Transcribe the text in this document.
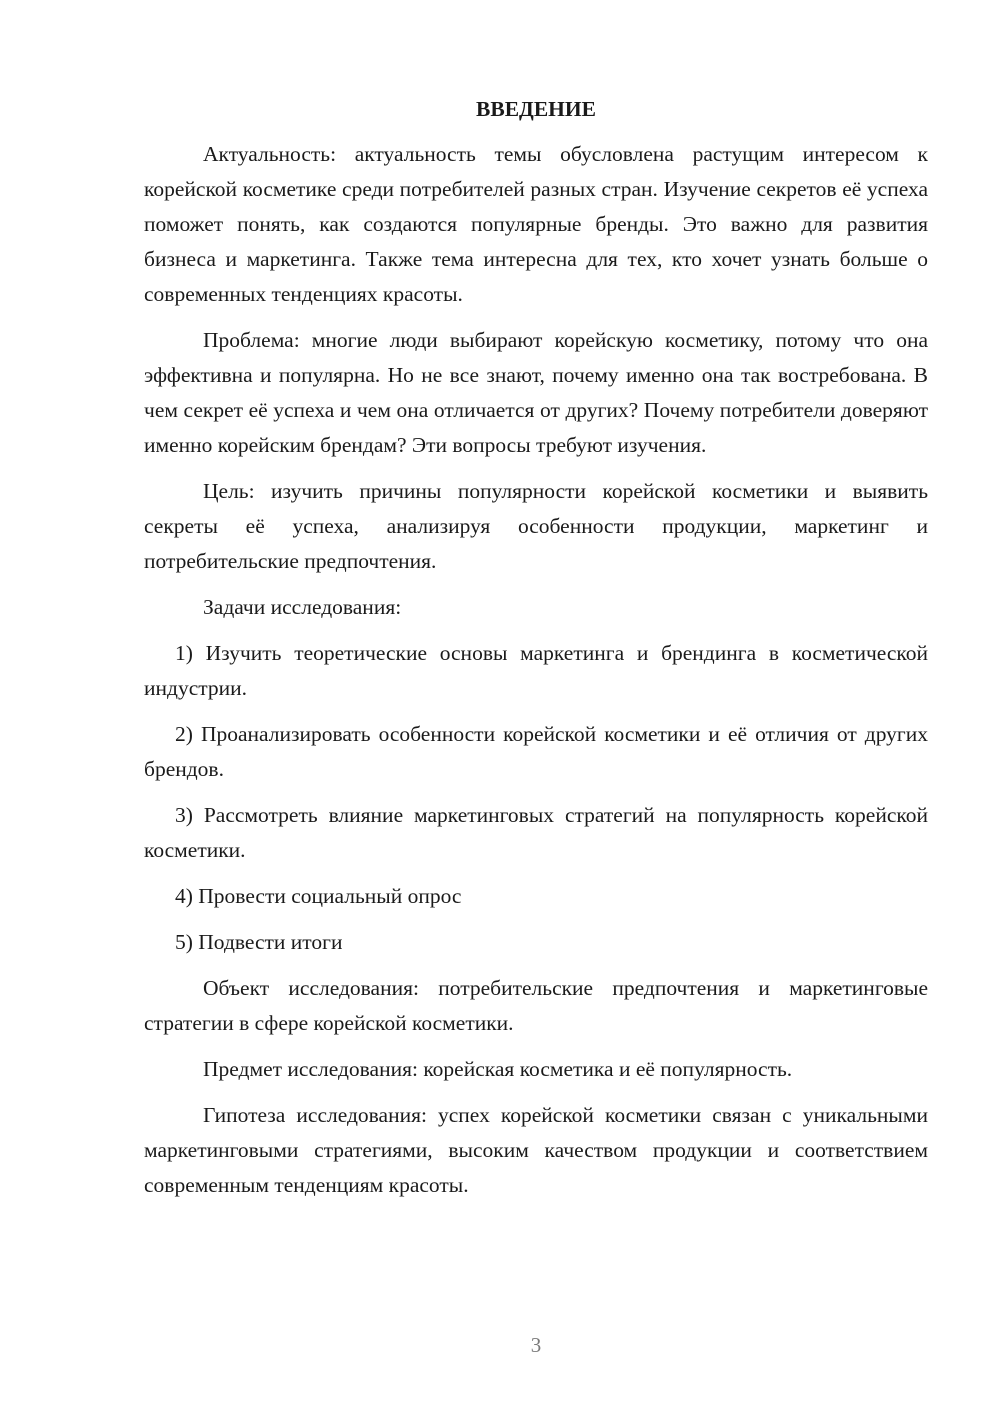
ВВЕДЕНИЕ

Актуальность: актуальность темы обусловлена растущим интересом к корейской косметике среди потребителей разных стран. Изучение секретов её успеха поможет понять, как создаются популярные бренды. Это важно для развития бизнеса и маркетинга. Также тема интересна для тех, кто хочет узнать больше о современных тенденциях красоты.

Проблема: многие люди выбирают корейскую косметику, потому что она эффективна и популярна. Но не все знают, почему именно она так востребована. В чем секрет её успеха и чем она отличается от других? Почему потребители доверяют именно корейским брендам? Эти вопросы требуют изучения.

Цель: изучить причины популярности корейской косметики и выявить секреты её успеха, анализируя особенности продукции, маркетинг и потребительские предпочтения.

Задачи исследования:

1) Изучить теоретические основы маркетинга и брендинга в косметической индустрии.

2) Проанализировать особенности корейской косметики и её отличия от других брендов.

3) Рассмотреть влияние маркетинговых стратегий на популярность корейской косметики.

4) Провести социальный опрос

5) Подвести итоги

Объект исследования: потребительские предпочтения и маркетинговые стратегии в сфере корейской косметики.

Предмет исследования: корейская косметика и её популярность.

Гипотеза исследования: успех корейской косметики связан с уникальными маркетинговыми стратегиями, высоким качеством продукции и соответствием современным тенденциям красоты.

3
